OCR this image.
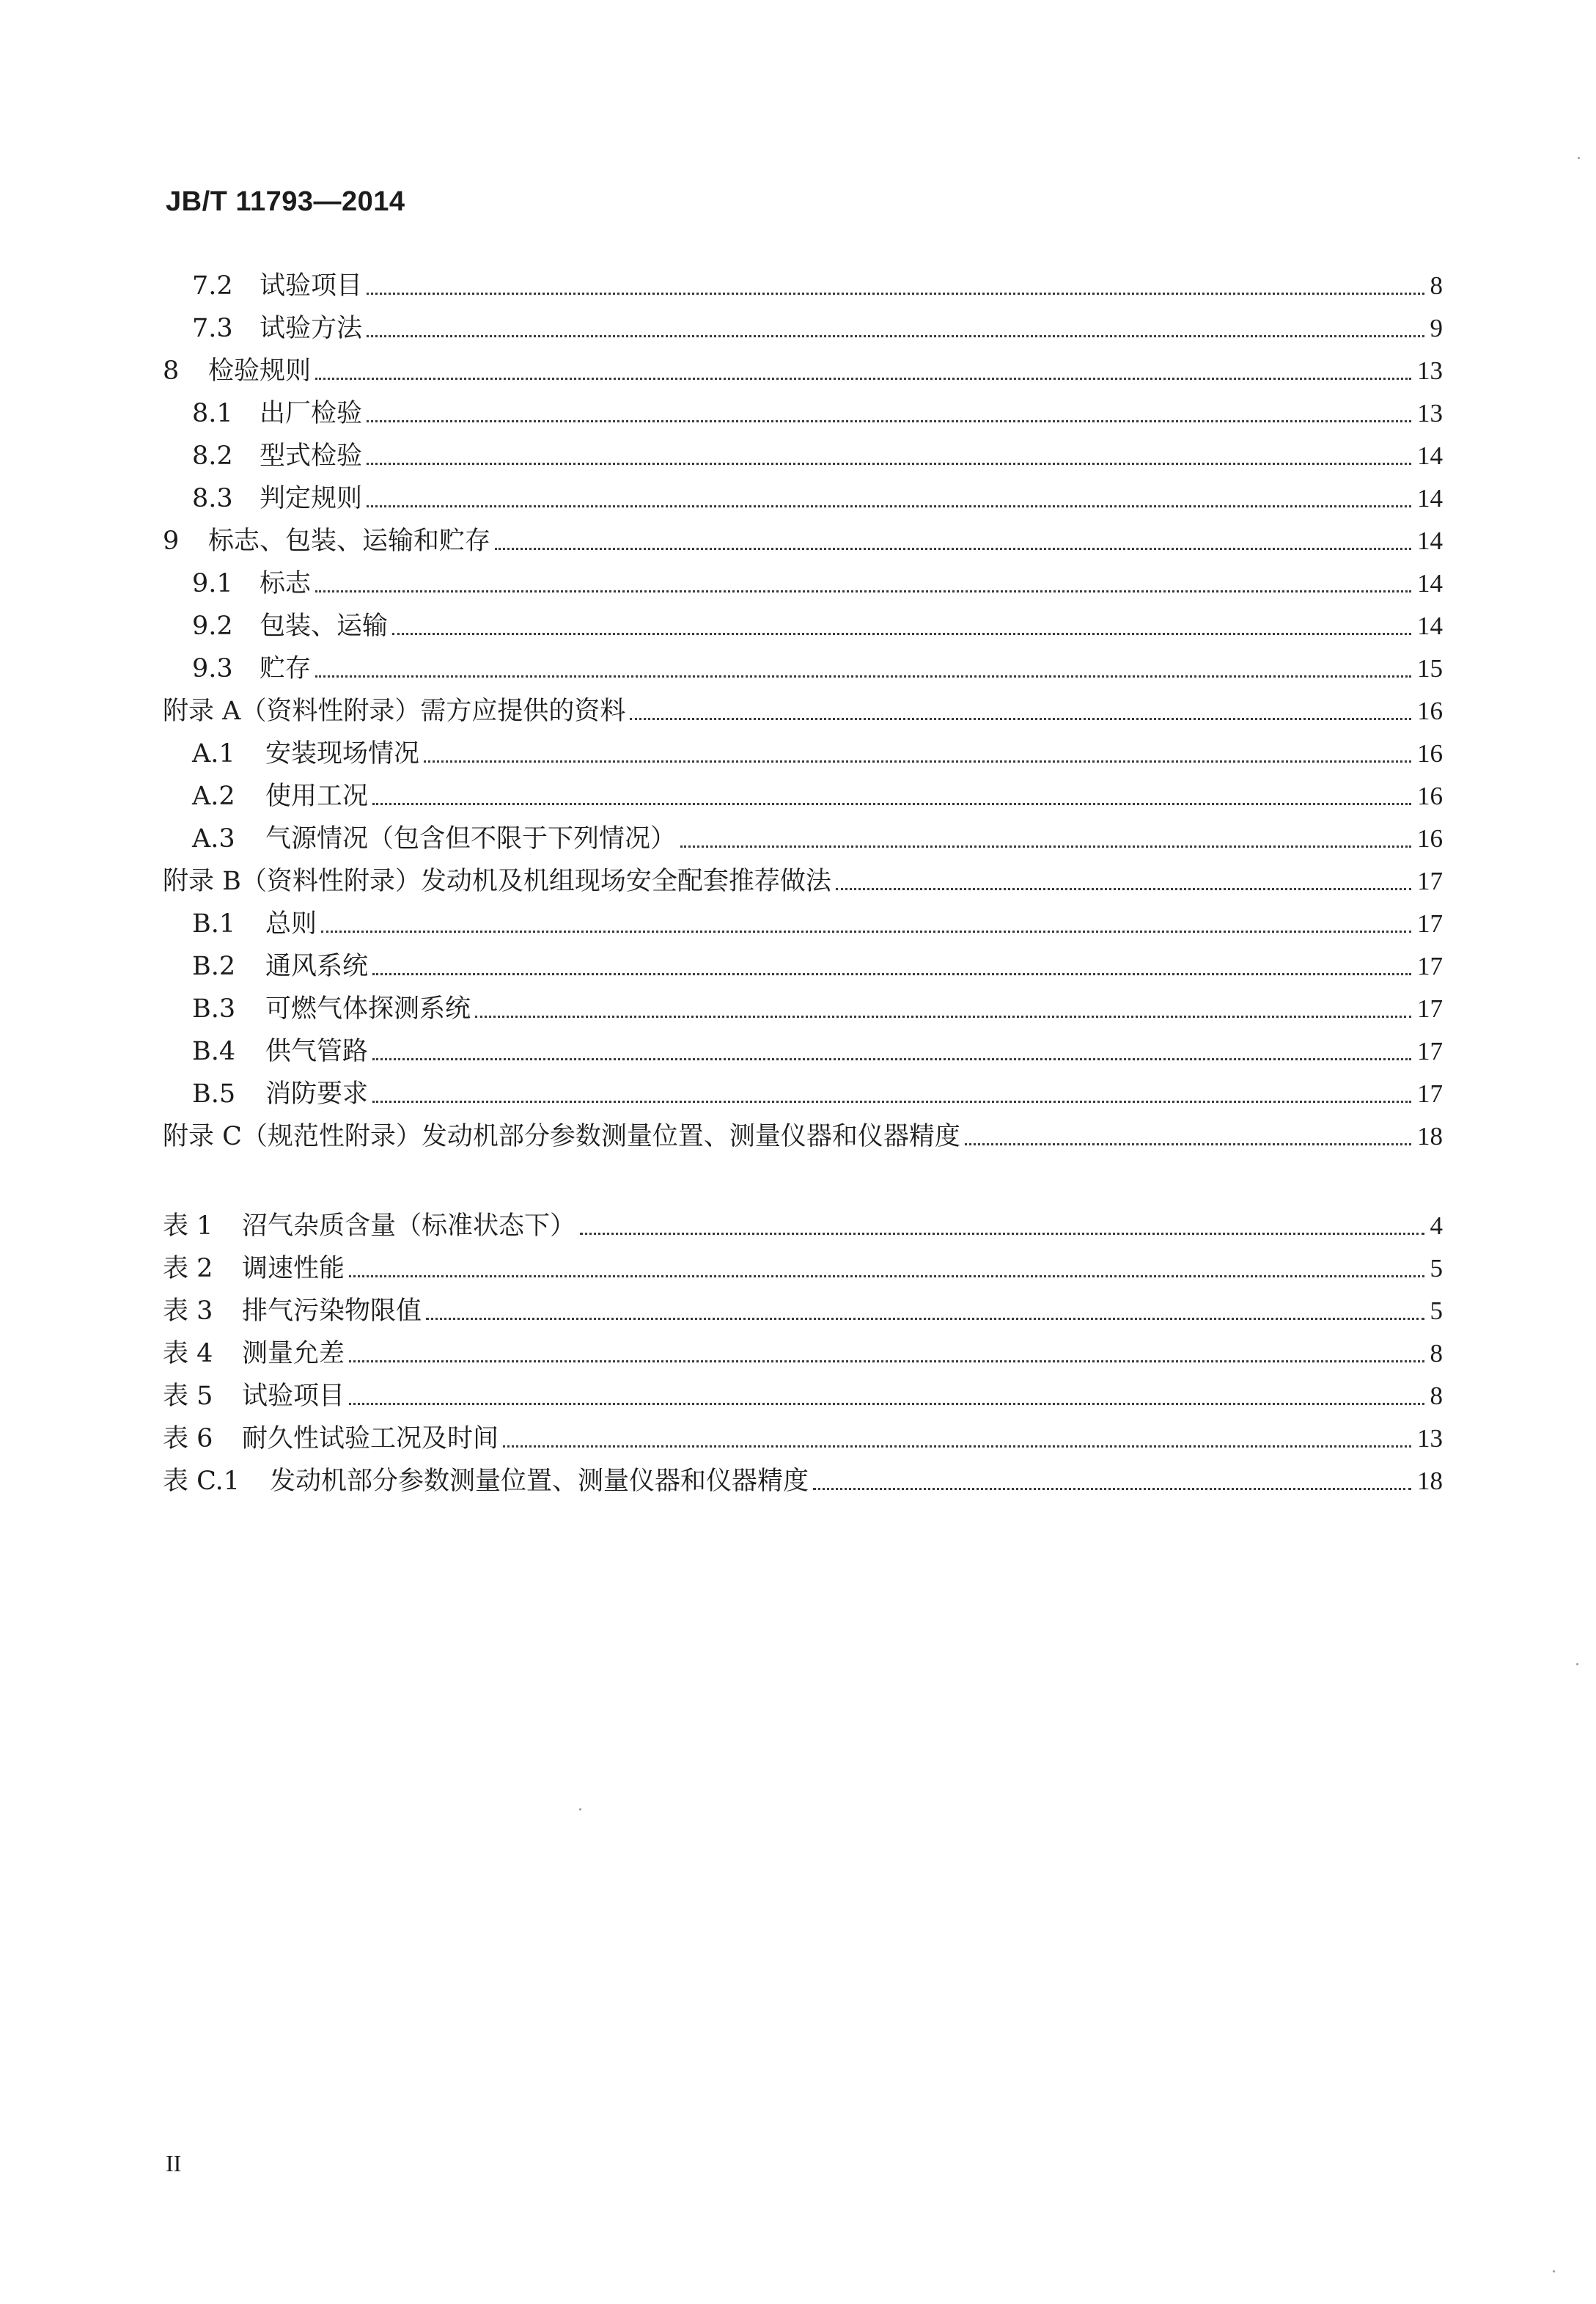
JB/T 11793—2014
7.2	试验项目	8
7.3	试验方法	9
8	检验规则	13
8.1	出厂检验	13
8.2	型式检验	14
8.3	判定规则	14
9	标志、包装、运输和贮存	14
9.1	标志	14
9.2	包装、运输	14
9.3	贮存	15
附录 A （资料性附录）需方应提供的资料	16
A.1	安装现场情况	16
A.2	使用工况	16
A.3	气源情况（包含但不限于下列情况）	16
附录 B （资料性附录）发动机及机组现场安全配套推荐做法	17
B.1	总则	17
B.2	通风系统	17
B.3	可燃气体探测系统	17
B.4	供气管路	17
B.5	消防要求	17
附录 C （规范性附录）发动机部分参数测量位置、测量仪器和仪器精度	18
表 1	沼气杂质含量（标准状态下）	4
表 2	调速性能	5
表 3	排气污染物限值	5
表 4	测量允差	8
表 5	试验项目	8
表 6	耐久性试验工况及时间	13
表 C.1	发动机部分参数测量位置、测量仪器和仪器精度	18
II
